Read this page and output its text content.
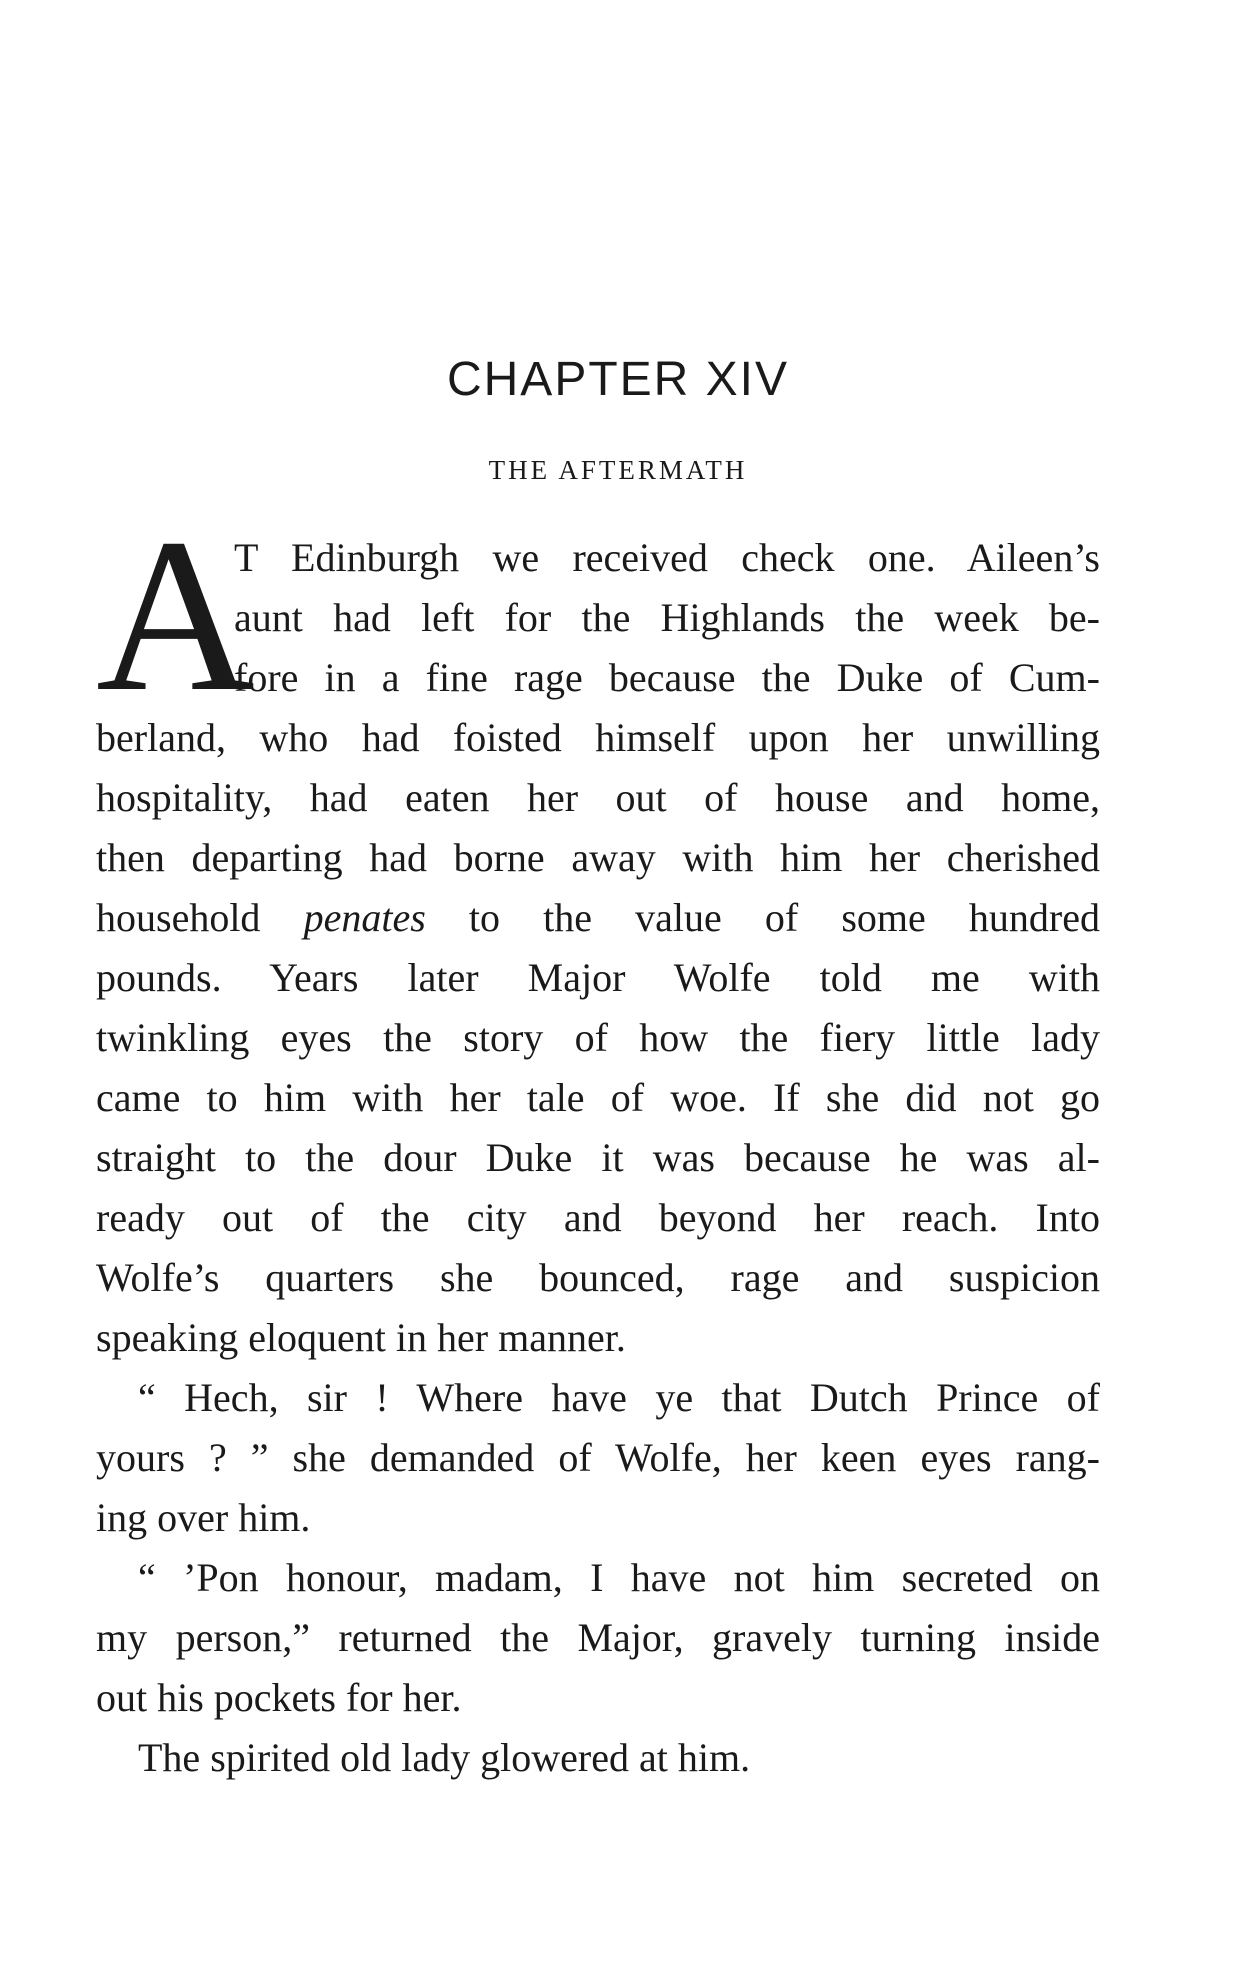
CHAPTER XIV
THE AFTERMATH
A
T Edinburgh we received check one. Aileen’s
aunt had left for the Highlands the week be-
fore in a fine rage because the Duke of Cum-
berland, who had foisted himself upon her unwilling
hospitality, had eaten her out of house and home,
then departing had borne away with him her cherished
household penates to the value of some hundred
pounds. Years later Major Wolfe told me with
twinkling eyes the story of how the fiery little lady
came to him with her tale of woe. If she did not go
straight to the dour Duke it was because he was al-
ready out of the city and beyond her reach. Into
Wolfe’s quarters she bounced, rage and suspicion
speaking eloquent in her manner.
“ Hech, sir ! Where have ye that Dutch Prince of
yours ? ” she demanded of Wolfe, her keen eyes rang-
ing over him.
“ ’Pon honour, madam, I have not him secreted on
my person,” returned the Major, gravely turning inside
out his pockets for her.
The spirited old lady glowered at him.
